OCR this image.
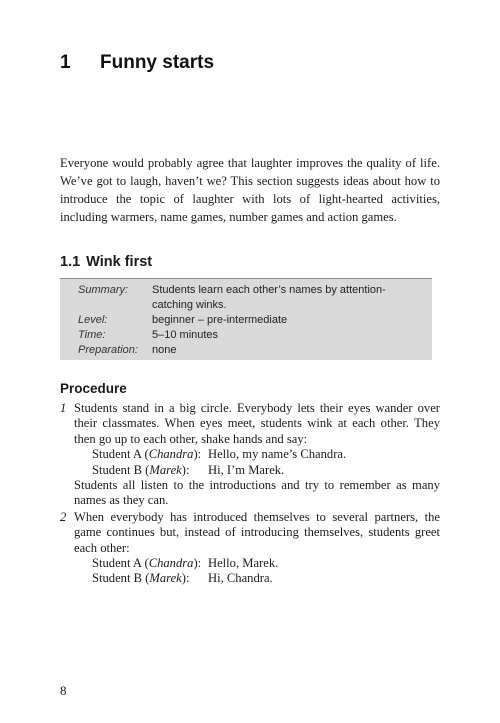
1 Funny starts

Everyone would probably agree that laughter improves the quality of life. We’ve got to laugh, haven’t we? This section suggests ideas about how to introduce the topic of laughter with lots of light-hearted activities, including warmers, name games, number games and action games.

1.1 Wink first
Summary:	Students learn each other’s names by attention-catching winks.
Level:	beginner – pre-intermediate
Time:	5–10 minutes
Preparation:	none
Procedure
1 Students stand in a big circle. Everybody lets their eyes wander over their classmates. When eyes meet, students wink at each other. They then go up to each other, shake hands and say:
Student A (Chandra): Hello, my name’s Chandra.
Student B (Marek):	Hi, I’m Marek.
Students all listen to the introductions and try to remember as many names as they can.
2 When everybody has introduced themselves to several partners, the game continues but, instead of introducing themselves, students greet each other:
Student A (Chandra): Hello, Marek.
Student B (Marek):	Hi, Chandra.
8
